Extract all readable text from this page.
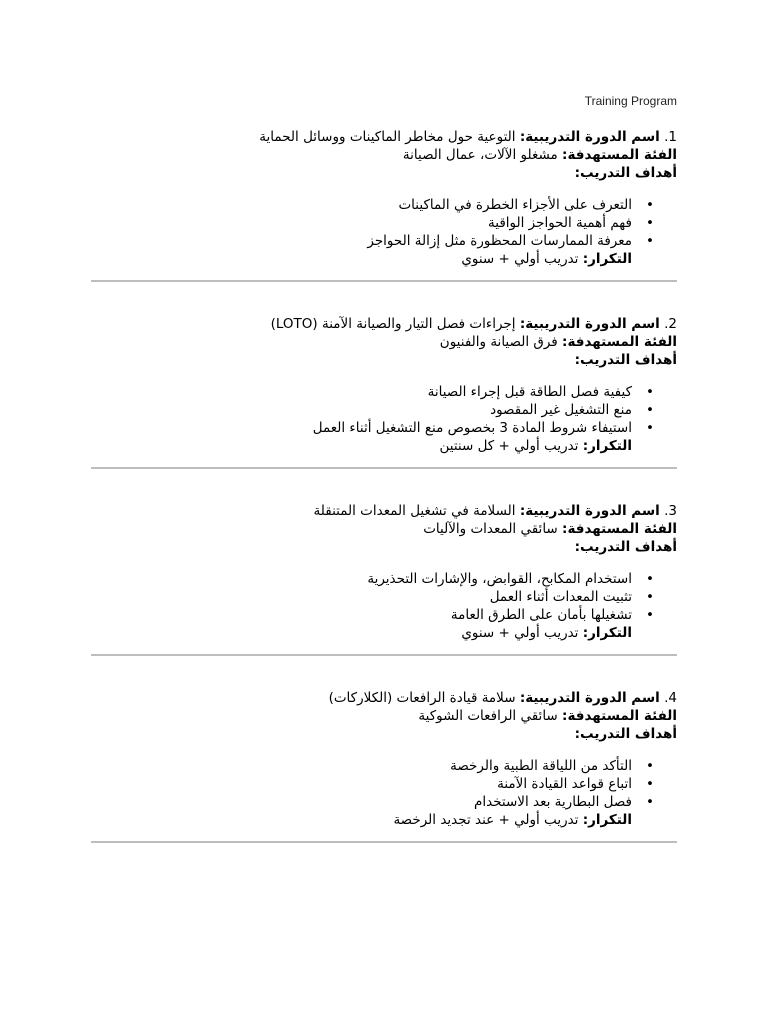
Training Program
1. اسم الدورة التدريبية: التوعية حول مخاطر الماكينات ووسائل الحماية
الفئة المستهدفة: مشغلو الآلات، عمال الصيانة
أهداف التدريب:
•
التعرف على الأجزاء الخطرة في الماكينات
•
فهم أهمية الحواجز الواقية
•
معرفة الممارسات المحظورة مثل إزالة الحواجز
التكرار: تدريب أولي + سنوي
2. اسم الدورة التدريبية: إجراءات فصل التيار والصيانة الآمنة (LOTO)
الفئة المستهدفة: فرق الصيانة والفنيون
أهداف التدريب:
•
كيفية فصل الطاقة قبل إجراء الصيانة
•
منع التشغيل غير المقصود
•
استيفاء شروط المادة 3 بخصوص منع التشغيل أثناء العمل
التكرار: تدريب أولي + كل سنتين
3. اسم الدورة التدريبية: السلامة في تشغيل المعدات المتنقلة
الفئة المستهدفة: سائقي المعدات والآليات
أهداف التدريب:
•
استخدام المكابح، القوابض، والإشارات التحذيرية
•
تثبيت المعدات أثناء العمل
•
تشغيلها بأمان على الطرق العامة
التكرار: تدريب أولي + سنوي
4. اسم الدورة التدريبية: سلامة قيادة الرافعات (الكلاركات)
الفئة المستهدفة: سائقي الرافعات الشوكية
أهداف التدريب:
•
التأكد من اللياقة الطبية والرخصة
•
اتباع قواعد القيادة الآمنة
•
فصل البطارية بعد الاستخدام
التكرار: تدريب أولي + عند تجديد الرخصة
